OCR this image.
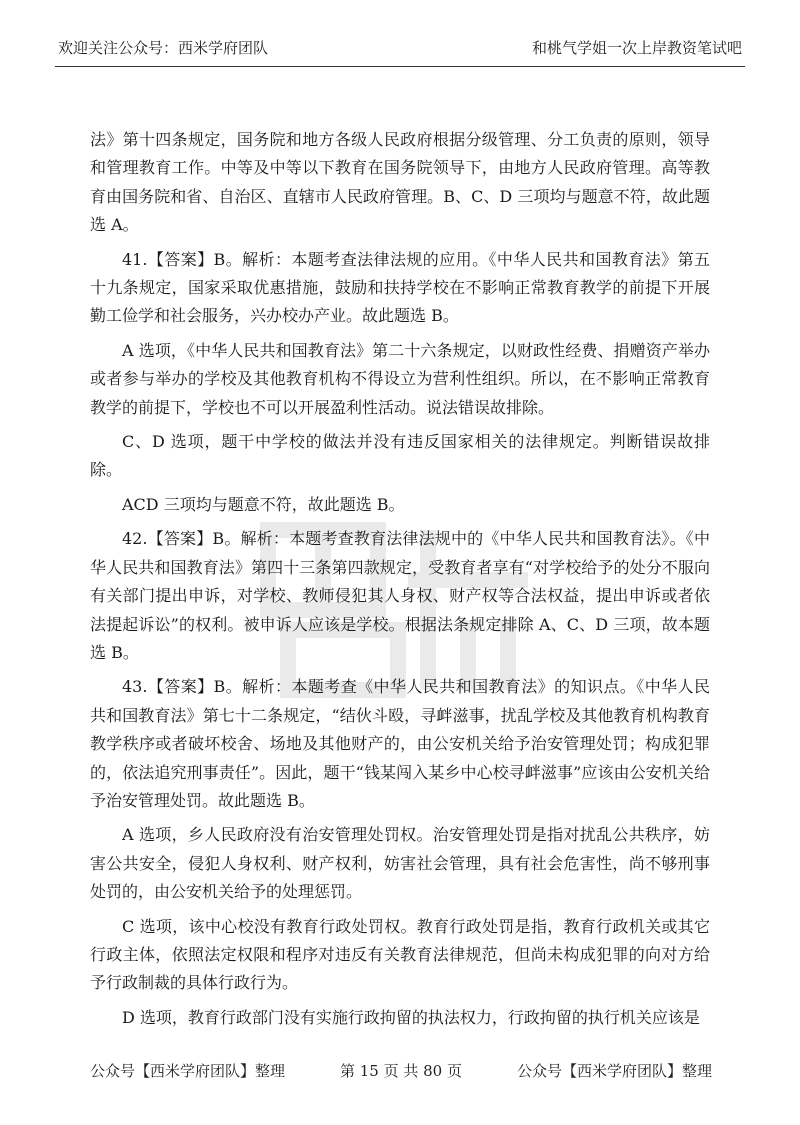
欢迎关注公众号：西米学府团队	和桃气学姐一次上岸教资笔试吧

法》第十四条规定，国务院和地方各级人民政府根据分级管理、分工负责的原则，领导和管理教育工作。中等及中等以下教育在国务院领导下，由地方人民政府管理。高等教育由国务院和省、自治区、直辖市人民政府管理。B、C、D 三项均与题意不符，故此题选 A。

41.【答案】B。解析：本题考查法律法规的应用。《中华人民共和国教育法》第五十九条规定，国家采取优惠措施，鼓励和扶持学校在不影响正常教育教学的前提下开展勤工俭学和社会服务，兴办校办产业。故此题选 B。

A 选项，《中华人民共和国教育法》第二十六条规定，以财政性经费、捐赠资产举办或者参与举办的学校及其他教育机构不得设立为营利性组织。所以，在不影响正常教育教学的前提下，学校也不可以开展盈利性活动。说法错误故排除。

C、D 选项，题干中学校的做法并没有违反国家相关的法律规定。判断错误故排除。

ACD 三项均与题意不符，故此题选 B。

42.【答案】B。解析：本题考查教育法律法规中的《中华人民共和国教育法》。《中华人民共和国教育法》第四十三条第四款规定，受教育者享有“对学校给予的处分不服向有关部门提出申诉，对学校、教师侵犯其人身权、财产权等合法权益，提出申诉或者依法提起诉讼”的权利。被申诉人应该是学校。根据法条规定排除 A、C、D 三项，故本题选 B。

43.【答案】B。解析：本题考查《中华人民共和国教育法》的知识点。《中华人民共和国教育法》第七十二条规定，“结伙斗殴，寻衅滋事，扰乱学校及其他教育机构教育教学秩序或者破坏校舍、场地及其他财产的，由公安机关给予治安管理处罚；构成犯罪的，依法追究刑事责任”。因此，题干“钱某闯入某乡中心校寻衅滋事”应该由公安机关给予治安管理处罚。故此题选 B。

A 选项，乡人民政府没有治安管理处罚权。治安管理处罚是指对扰乱公共秩序，妨害公共安全，侵犯人身权利、财产权利，妨害社会管理，具有社会危害性，尚不够刑事处罚的，由公安机关给予的处理惩罚。

C 选项，该中心校没有教育行政处罚权。教育行政处罚是指，教育行政机关或其它行政主体，依照法定权限和程序对违反有关教育法律规范，但尚未构成犯罪的向对方给予行政制裁的具体行政行为。

D 选项，教育行政部门没有实施行政拘留的执法权力，行政拘留的执行机关应该是

公众号【西米学府团队】整理	第 15 页 共 80 页	公众号【西米学府团队】整理
